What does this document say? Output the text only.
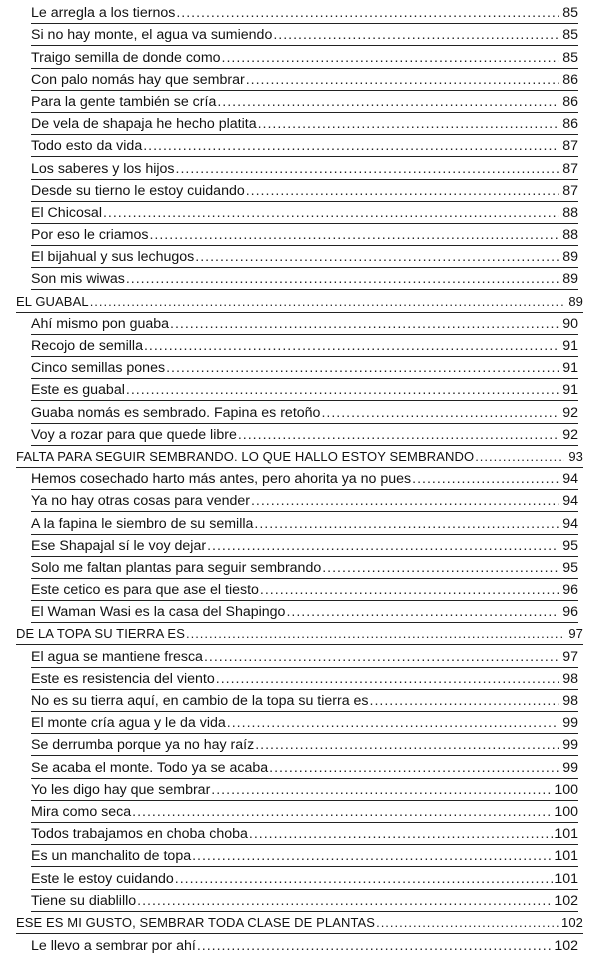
Le arregla a los tiernos .....	85
Si no hay monte, el agua va sumiendo .....	85
Traigo semilla de donde como .....	85
Con palo nomás hay que sembrar .....	86
Para la gente también se cría .....	86
De vela de shapaja he hecho platita .....	86
Todo esto da vida .....	87
Los saberes y los hijos .....	87
Desde su tierno le estoy cuidando .....	87
El Chicosal .....	88
Por eso le criamos .....	88
El bijahual y sus lechugos .....	89
Son mis wiwas .....	89
EL GUABAL .....	89
Ahí mismo pon guaba .....	90
Recojo de semilla .....	91
Cinco semillas pones .....	91
Este es guabal .....	91
Guaba nomás es sembrado. Fapina es retoño .....	92
Voy a rozar para que quede libre .....	92
FALTA PARA SEGUIR SEMBRANDO. LO QUE HALLO ESTOY SEMBRANDO .....	93
Hemos cosechado harto más antes, pero ahorita ya no pues .....	94
Ya no hay otras cosas para vender .....	94
A la fapina le siembro de su semilla .....	94
Ese Shapajal sí le voy dejar .....	95
Solo me faltan plantas para seguir sembrando .....	95
Este cetico es para que ase el tiesto .....	96
El Waman Wasi es la casa del Shapingo .....	96
DE LA TOPA SU TIERRA ES .....	97
El agua se mantiene fresca .....	97
Este es resistencia del viento .....	98
No es su tierra aquí, en cambio de la topa su tierra es .....	98
El monte cría agua y le da vida .....	99
Se derrumba porque ya no hay raíz .....	99
Se acaba el monte. Todo ya se acaba .....	99
Yo les digo hay que sembrar .....	100
Mira como seca .....	100
Todos trabajamos en choba choba .....	101
Es un manchalito de topa .....	101
Este le estoy cuidando .....	101
Tiene su diablillo .....	102
ESE ES MI GUSTO, SEMBRAR TODA CLASE DE PLANTAS .....	102
Le llevo a sembrar por ahí .....	102
